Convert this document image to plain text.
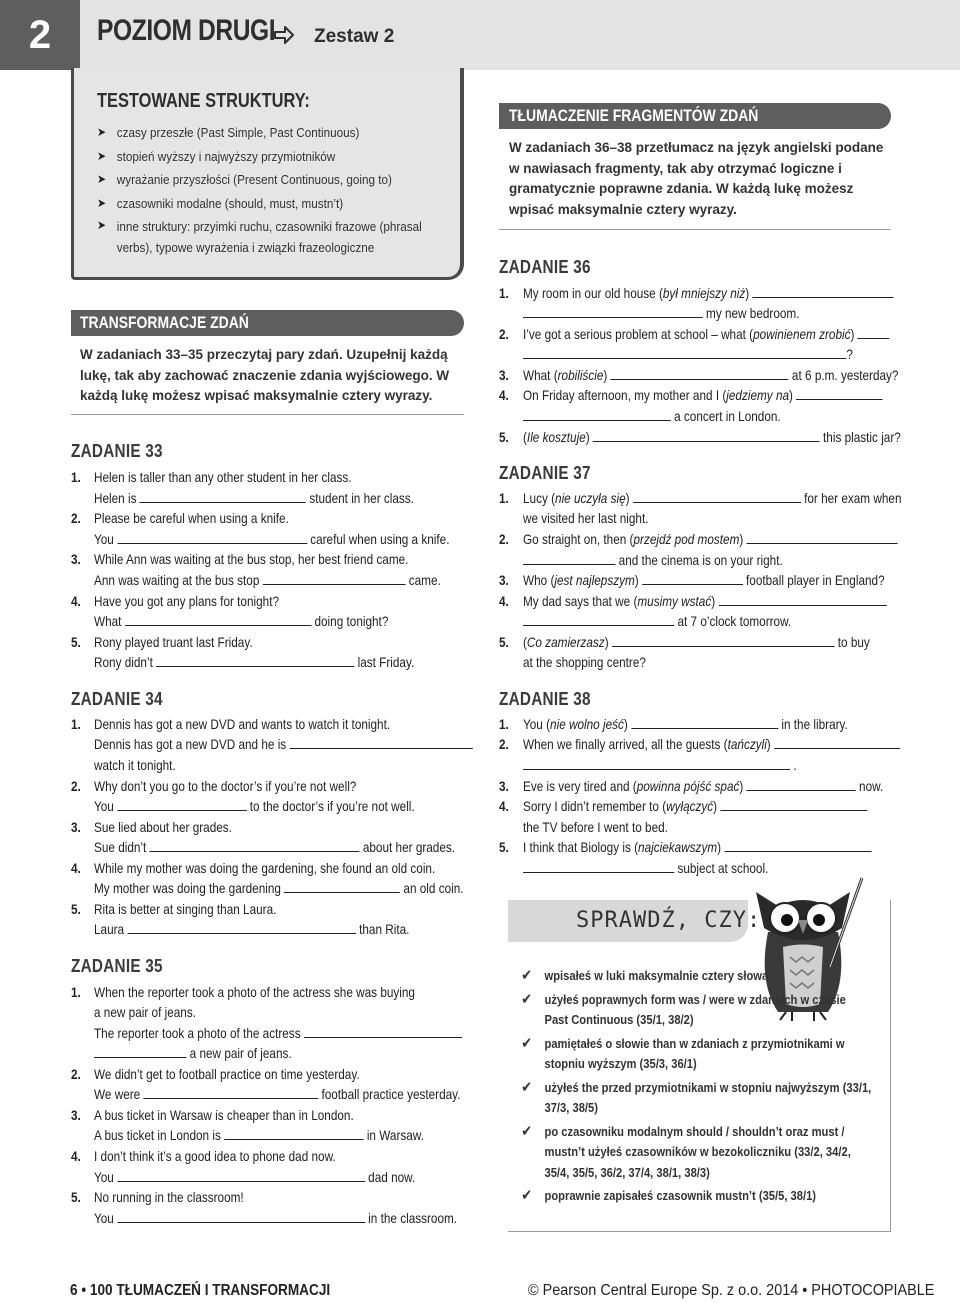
2	POZIOM DRUGI Zestaw 2
TESTOWANE STRUKTURY:
➤ czasy przeszłe (Past Simple, Past Continuous)
➤ stopień wyższy i najwyższy przymiotników
➤ wyrażanie przyszłości (Present Continuous, going to)
➤ czasowniki modalne (should, must, mustn’t)
➤ inne struktury: przyimki ruchu, czasowniki frazowe (phrasal verbs), typowe wyrażenia i związki frazeologiczne
TRANSFORMACJE ZDAŃ
W zadaniach 33–35 przeczytaj pary zdań. Uzupełnij każdą lukę, tak aby zachować znaczenie zdania wyjściowego. W każdą lukę możesz wpisać maksymalnie cztery wyrazy.
ZADANIE 33
1. Helen is taller than any other student in her class.
Helen is	student in her class.
2. Please be careful when using a knife.
You	careful when using a knife.
3. While Ann was waiting at the bus stop, her best friend came.
Ann was waiting at the bus stop	came.
4. Have you got any plans for tonight?
What	doing tonight?
5. Rony played truant last Friday.
Rony didn’t	last Friday.
ZADANIE 34
1. Dennis has got a new DVD and wants to watch it tonight.
Dennis has got a new DVD and he is
watch it tonight.
2. Why don’t you go to the doctor’s if you’re not well?
You	to the doctor’s if you’re not well.
3. Sue lied about her grades.
Sue didn’t	about her grades.
4. While my mother was doing the gardening, she found an old coin.
My mother was doing the gardening	an old coin.
5. Rita is better at singing than Laura.
Laura	than Rita.
ZADANIE 35
1. When the reporter took a photo of the actress she was buying
a new pair of jeans.
The reporter took a photo of the actress
a new pair of jeans.
2. We didn’t get to football practice on time yesterday.
We were	football practice yesterday.
3. A bus ticket in Warsaw is cheaper than in London.
A bus ticket in London is	in Warsaw.
4. I don’t think it’s a good idea to phone dad now.
You	dad now.
5. No running in the classroom!
You	in the classroom.
TŁUMACZENIE FRAGMENTÓW ZDAŃ
W zadaniach 36–38 przetłumacz na język angielski podane w nawiasach fragmenty, tak aby otrzymać logiczne i gramatycznie poprawne zdania. W każdą lukę możesz wpisać maksymalnie cztery wyrazy.
ZADANIE 36
1. My room in our old house (był mniejszy niż)
my new bedroom.
2. I’ve got a serious problem at school – what (powinienem zrobić)
?
3. What (robiliście)	at 6 p.m. yesterday?
4. On Friday afternoon, my mother and I (jedziemy na)
a concert in London.
5. (Ile kosztuje)	this plastic jar?
ZADANIE 37
1. Lucy (nie uczyła się)	for her exam when
we visited her last night.
2. Go straight on, then (przejdź pod mostem)
and the cinema is on your right.
3. Who (jest najlepszym)	football player in England?
4. My dad says that we (musimy wstać)
at 7 o’clock tomorrow.
5. (Co zamierzasz)	to buy
at the shopping centre?
ZADANIE 38
1. You (nie wolno jeść)	in the library.
2. When we finally arrived, all the guests (tańczyli)
.
3. Eve is very tired and (powinna pójść spać)	now.
4. Sorry I didn’t remember to (wyłączyć)
the TV before I went to bed.
5. I think that Biology is (najciekawszym)
subject at school.
SPRAWDŹ, CZY:
✔ wpisałeś w luki maksymalnie cztery słowa
✔ użyłeś poprawnych form was / were w zdaniach w czasie Past Continuous (35/1, 38/2)
✔ pamiętałeś o słowie than w zdaniach z przymiotnikami w stopniu wyższym (35/3, 36/1)
✔ użyłeś the przed przymiotnikami w stopniu najwyższym (33/1, 37/3, 38/5)
✔ po czasowniku modalnym should / shouldn’t oraz must / mustn’t użyłeś czasowników w bezokoliczniku (33/2, 34/2, 35/4, 35/5, 36/2, 37/4, 38/1, 38/3)
✔ poprawnie zapisałeś czasownik mustn’t (35/5, 38/1)
6 • 100 TŁUMACZEŃ I TRANSFORMACJI	© Pearson Central Europe Sp. z o.o. 2014 • PHOTOCOPIABLE
